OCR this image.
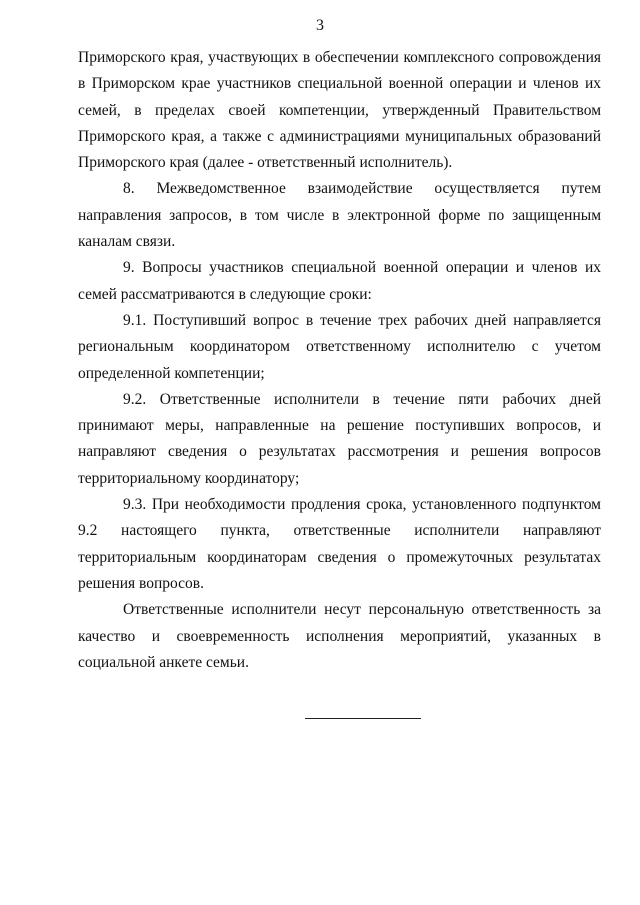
3

Приморского края, участвующих в обеспечении комплексного сопровождения в Приморском крае участников специальной военной операции и членов их семей, в пределах своей компетенции, утвержденный Правительством Приморского края, а также с администрациями муниципальных образований Приморского края (далее - ответственный исполнитель).

8. Межведомственное взаимодействие осуществляется путем направления запросов, в том числе в электронной форме по защищенным каналам связи.

9. Вопросы участников специальной военной операции и членов их семей рассматриваются в следующие сроки:

9.1. Поступивший вопрос в течение трех рабочих дней направляется региональным координатором ответственному исполнителю с учетом определенной компетенции;

9.2. Ответственные исполнители в течение пяти рабочих дней принимают меры, направленные на решение поступивших вопросов, и направляют сведения о результатах рассмотрения и решения вопросов территориальному координатору;

9.3. При необходимости продления срока, установленного подпунктом 9.2 настоящего пункта, ответственные исполнители направляют территориальным координаторам сведения о промежуточных результатах решения вопросов.

Ответственные исполнители несут персональную ответственность за качество и своевременность исполнения мероприятий, указанных в социальной анкете семьи.
